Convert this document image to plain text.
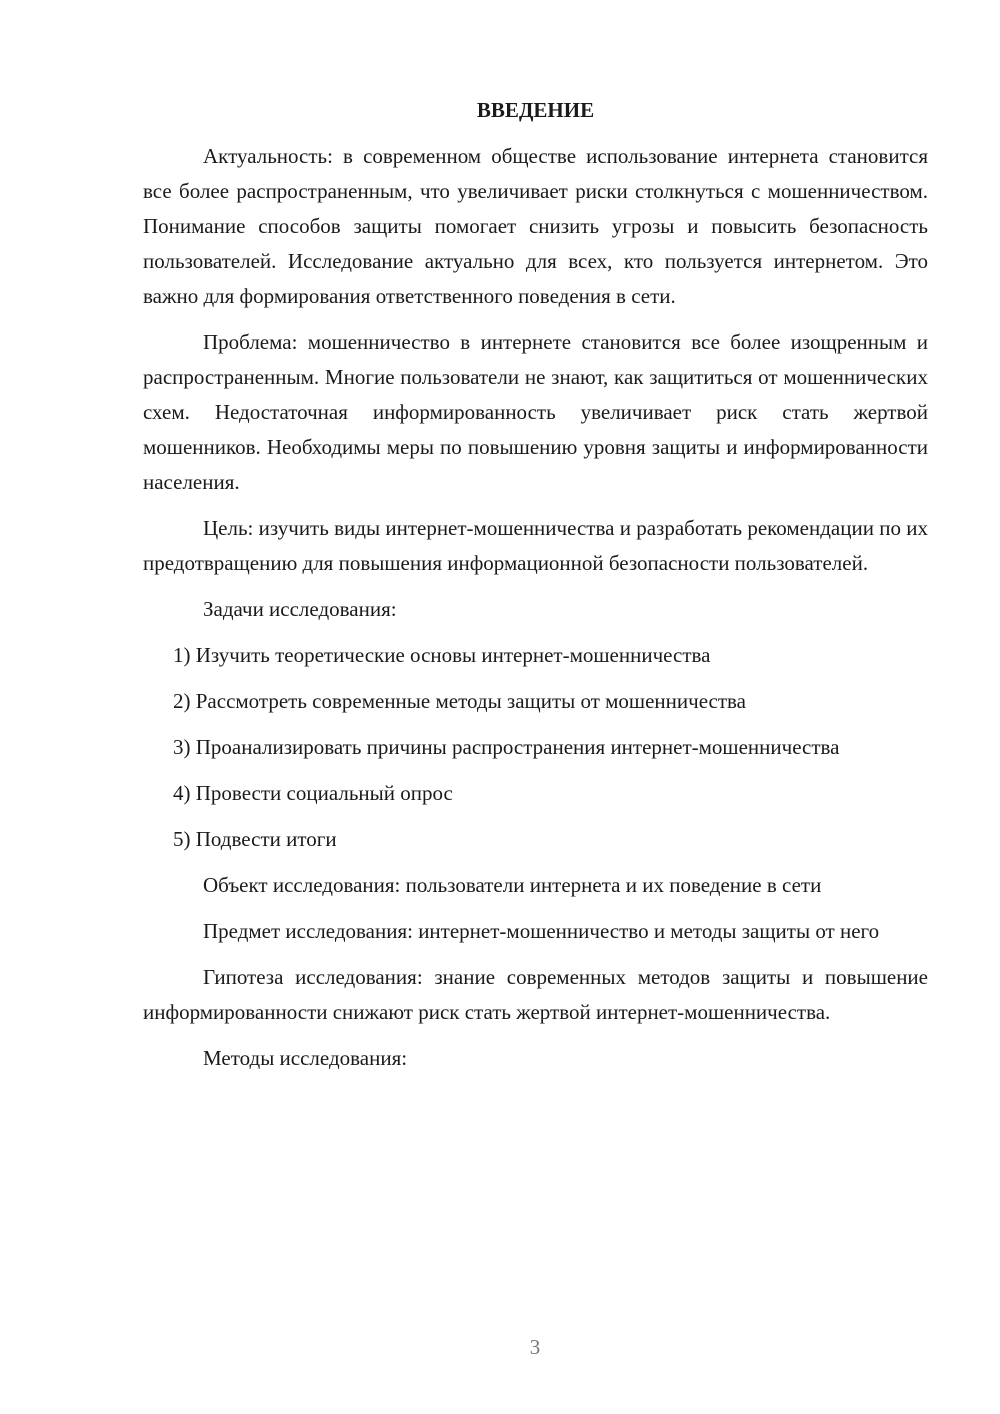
ВВЕДЕНИЕ

Актуальность: в современном обществе использование интернета становится все более распространенным, что увеличивает риски столкнуться с мошенничеством. Понимание способов защиты помогает снизить угрозы и повысить безопасность пользователей. Исследование актуально для всех, кто пользуется интернетом. Это важно для формирования ответственного поведения в сети.

Проблема: мошенничество в интернете становится все более изощренным и распространенным. Многие пользователи не знают, как защититься от мошеннических схем. Недостаточная информированность увеличивает риск стать жертвой мошенников. Необходимы меры по повышению уровня защиты и информированности населения.

Цель: изучить виды интернет-мошенничества и разработать рекомендации по их предотвращению для повышения информационной безопасности пользователей.

Задачи исследования:

1) Изучить теоретические основы интернет-мошенничества

2) Рассмотреть современные методы защиты от мошенничества

3) Проанализировать причины распространения интернет-мошенничества

4) Провести социальный опрос

5) Подвести итоги

Объект исследования: пользователи интернета и их поведение в сети

Предмет исследования: интернет-мошенничество и методы защиты от него

Гипотеза исследования: знание современных методов защиты и повышение информированности снижают риск стать жертвой интернет-мошенничества.

Методы исследования:

3
